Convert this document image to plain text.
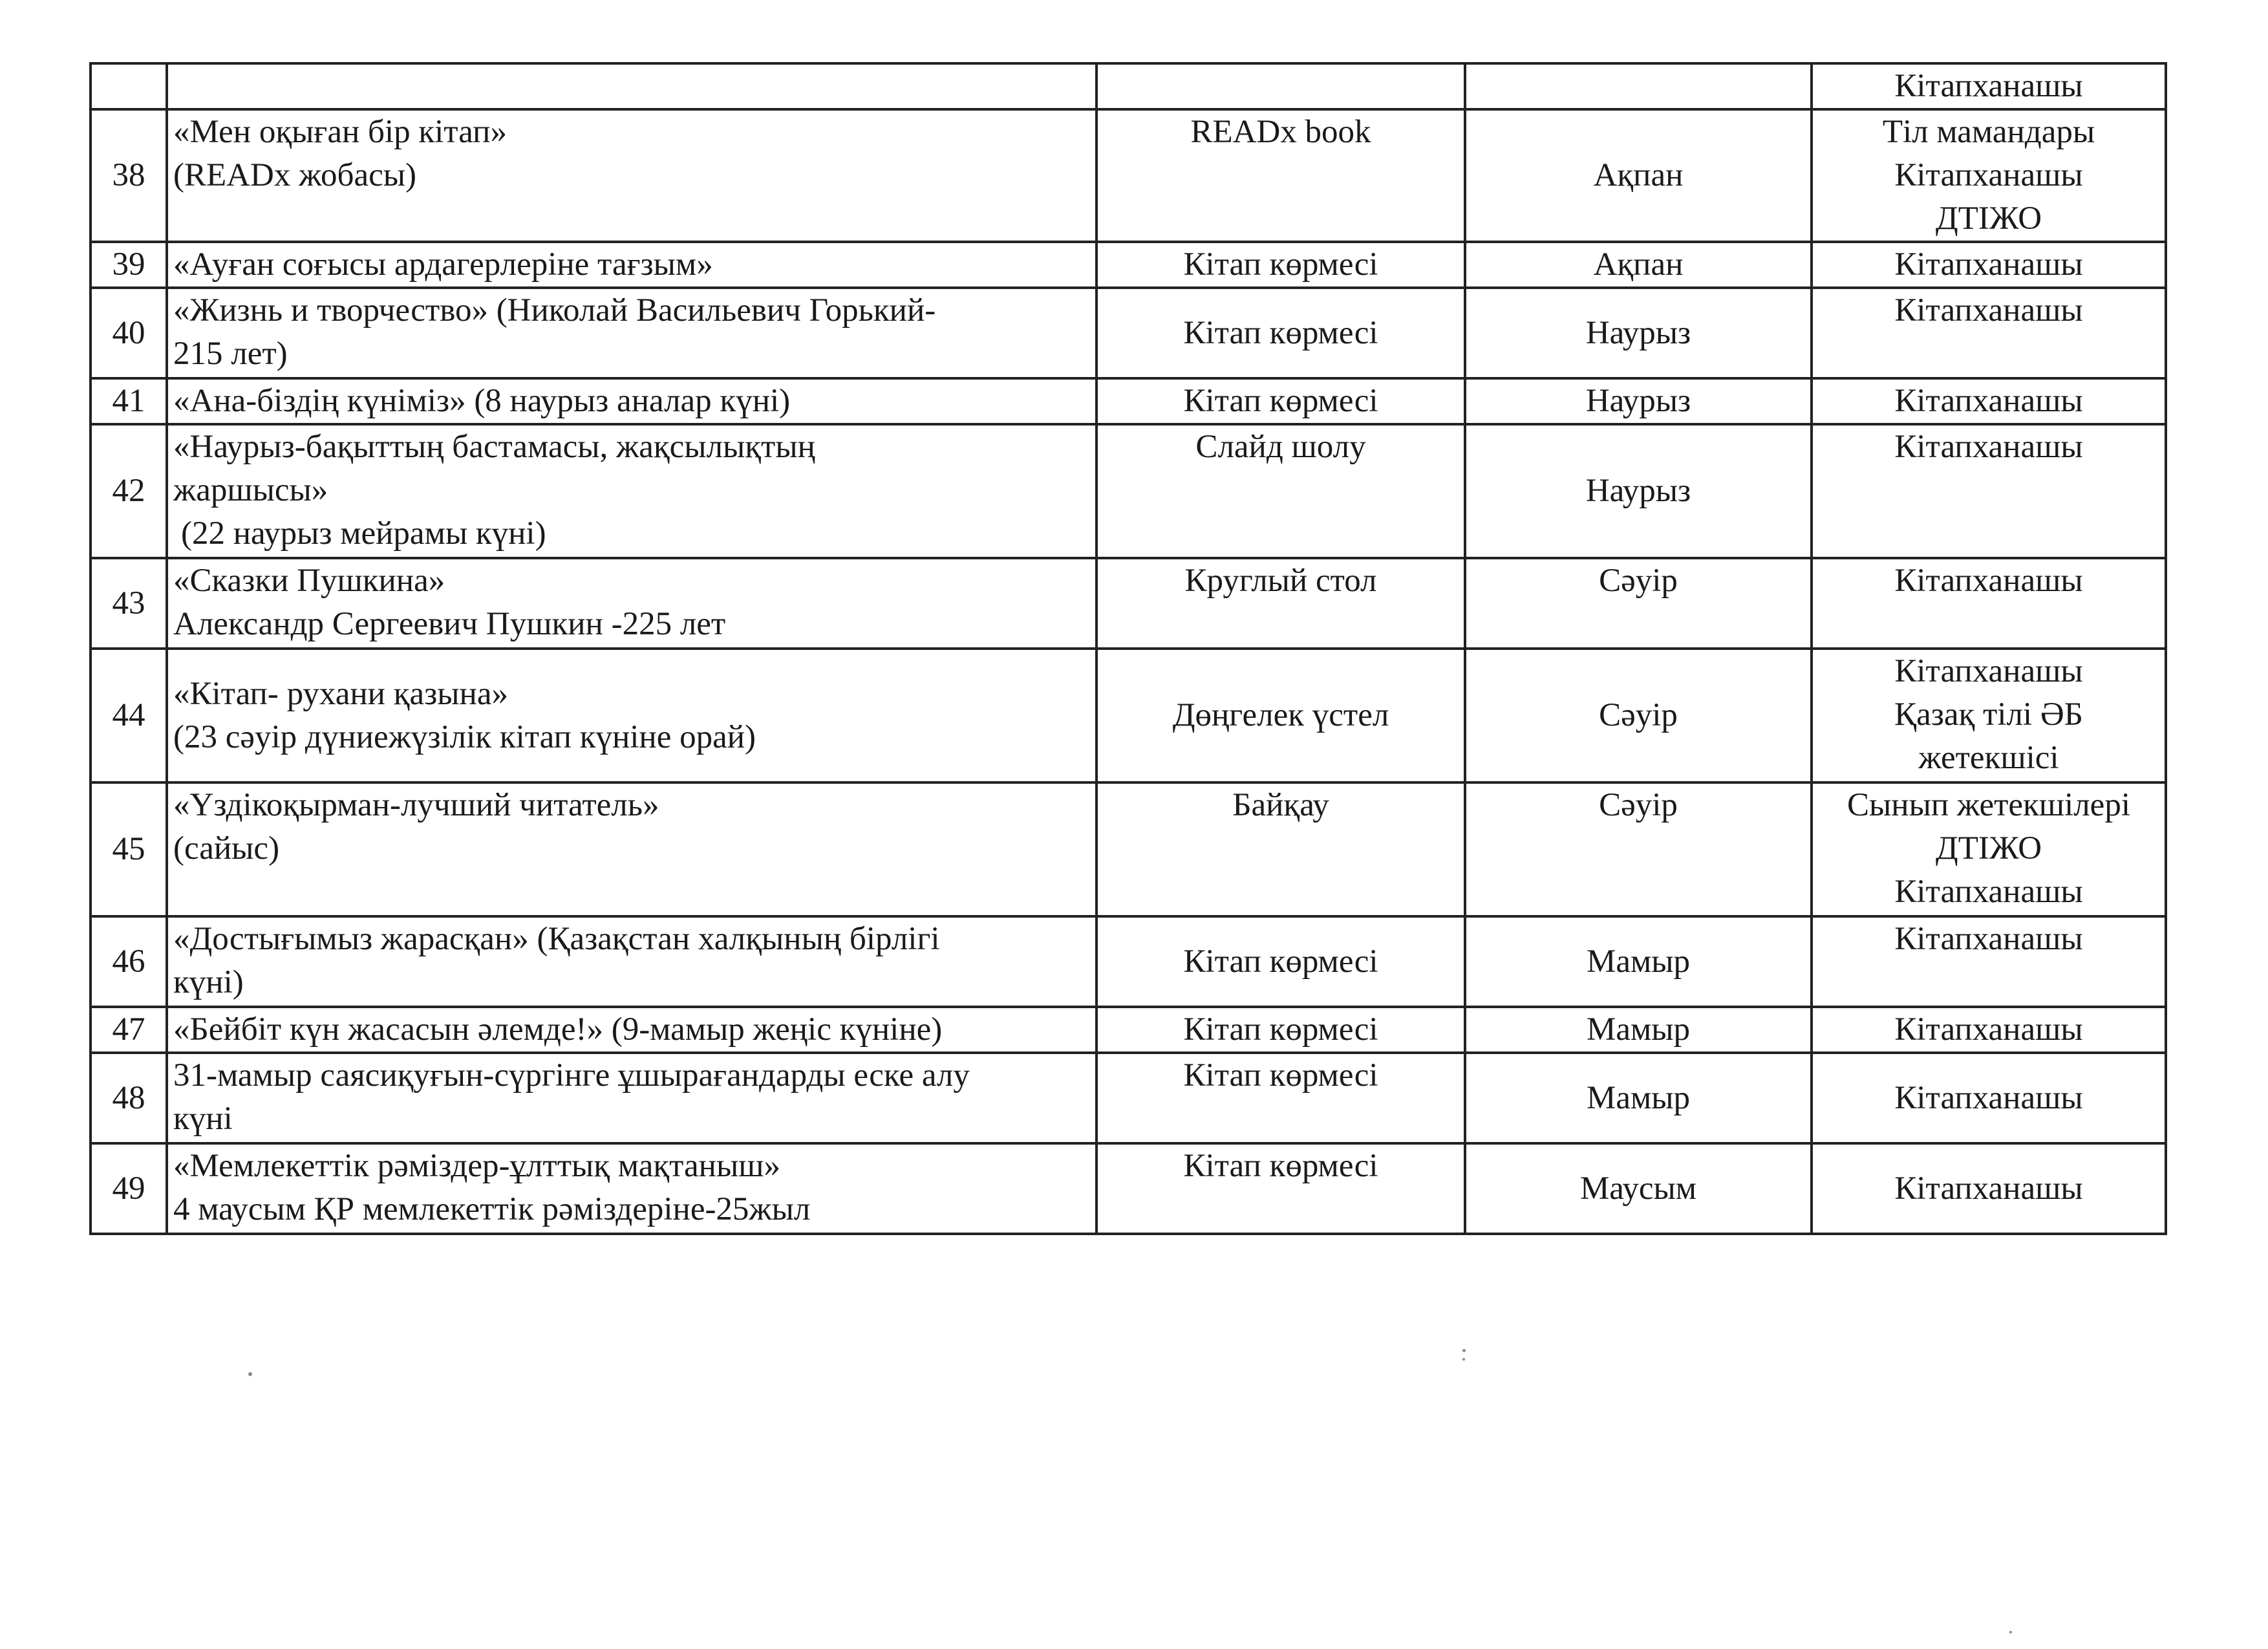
				Кітапханашы

38	«Мен оқыған бір кітап»
(READx жобасы)	READx book	Ақпан	Тіл мамандары
Кітапханашы
ДТІЖО

39	«Ауған соғысы ардагерлеріне тағзым»	Кітап көрмесі	Ақпан	Кітапханашы

40	«Жизнь и творчество» (Николай Васильевич Горький-
215 лет)	Кітап көрмесі	Наурыз	Кітапханашы

41	«Ана-біздің күніміз» (8 наурыз аналар күні)	Кітап көрмесі	Наурыз	Кітапханашы

42	«Наурыз-бақыттың бастамасы, жақсылықтың
жаршысы»
(22 наурыз мейрамы күні)	Слайд шолу	Наурыз	Кітапханашы

43	«Сказки Пушкина»
Александр Сергеевич Пушкин -225 лет	Круглый стол	Сәуір	Кітапханашы

44	«Кітап- рухани қазына»
(23 сәуір дүниежүзілік кітап күніне орай)	Дөңгелек үстел	Сәуір	Кітапханашы
Қазақ тілі ӘБ
жетекшісі

45	«Үздікоқырман-лучший читатель»
(сайыс)	Байқау	Сәуір	Сынып жетекшілері
ДТІЖО
Кітапханашы

46	«Достығымыз жарасқан» (Қазақстан халқының бірлігі
күні)	Кітап көрмесі	Мамыр	Кітапханашы

47	«Бейбіт күн жасасын әлемде!» (9-мамыр жеңіс күніне)	Кітап көрмесі	Мамыр	Кітапханашы

48	31-мамыр саясиқуғын-сүргінге ұшырағандарды еске алу
күні	Кітап көрмесі	Мамыр	Кітапханашы

49	«Мемлекеттік рәміздер-ұлттық мақтаныш»
4 маусым ҚР мемлекеттік рәміздеріне-25жыл	Кітап көрмесі	Маусым	Кітапханашы
